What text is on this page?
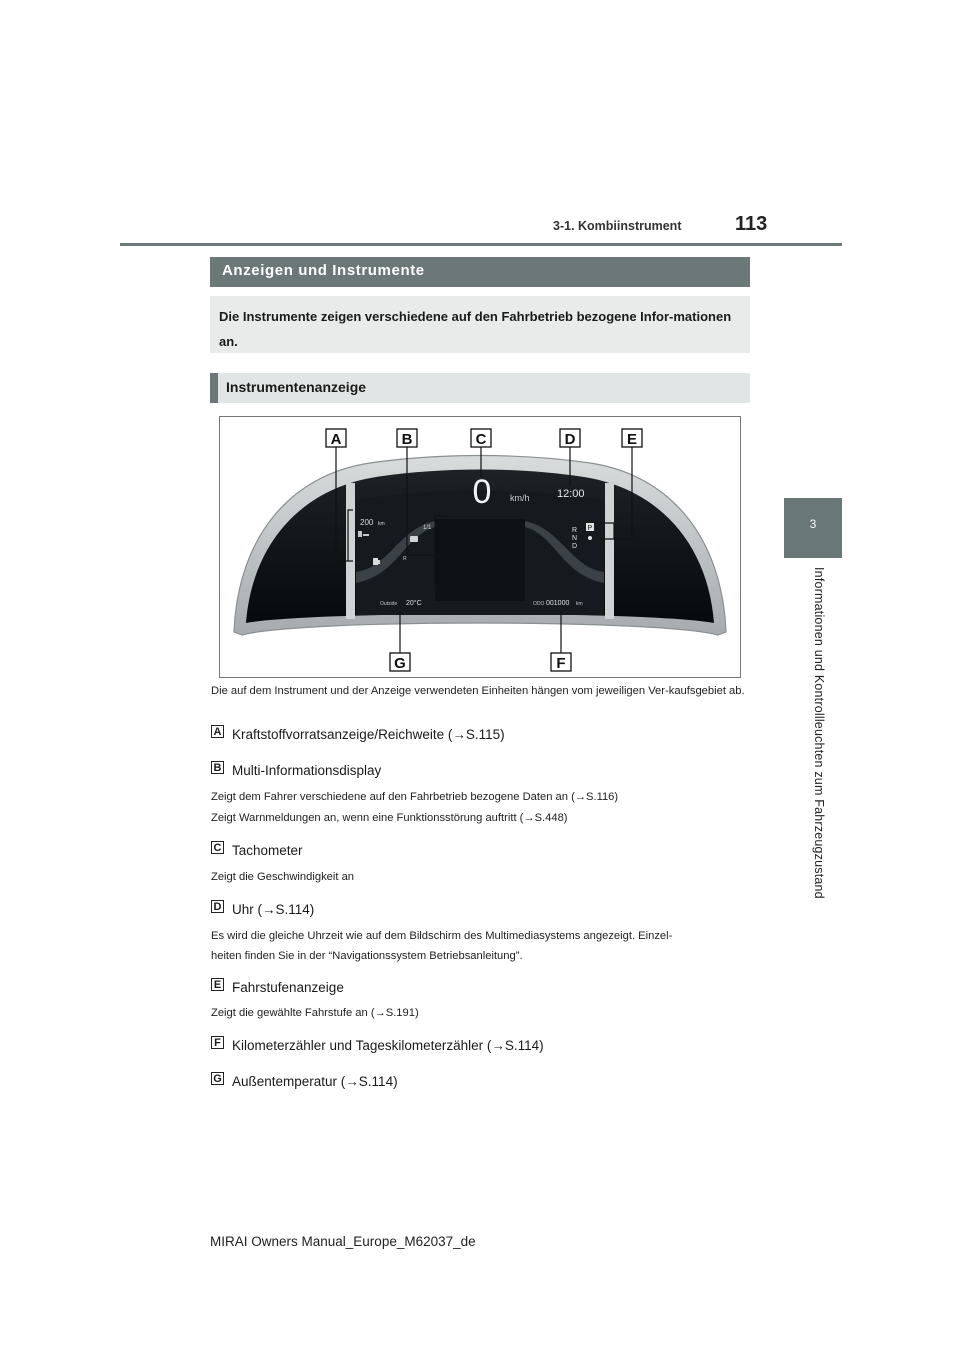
3-1. Kombiinstrument	113
3
Informationen und Kontrollleuchten zum Fahrzeugzustand
Anzeigen und Instrumente
Die Instrumente zeigen verschiedene auf den Fahrbetrieb bezogene Infor-mationen an.
Instrumentenanzeige
0 km/h 12:00
200 km
1/1
R
R
N
D
P
Outside 20°C	ODO 001000 km
A	B	C	D	E
F
G
Die auf dem Instrument und der Anzeige verwendeten Einheiten hängen vom jeweiligen Ver-kaufsgebiet ab.
A Kraftstoffvorratsanzeige/Reichweite (→S.115)
B Multi-Informationsdisplay
Zeigt dem Fahrer verschiedene auf den Fahrbetrieb bezogene Daten an (→S.116)
Zeigt Warnmeldungen an, wenn eine Funktionsstörung auftritt (→S.448)
C Tachometer
Zeigt die Geschwindigkeit an
D Uhr (→S.114)
Es wird die gleiche Uhrzeit wie auf dem Bildschirm des Multimediasystems angezeigt. Einzel-
heiten finden Sie in der “Navigationssystem Betriebsanleitung”.
E Fahrstufenanzeige
Zeigt die gewählte Fahrstufe an (→S.191)
F Kilometerzähler und Tageskilometerzähler (→S.114)
G Außentemperatur (→S.114)
MIRAI Owners Manual_Europe_M62037_de
